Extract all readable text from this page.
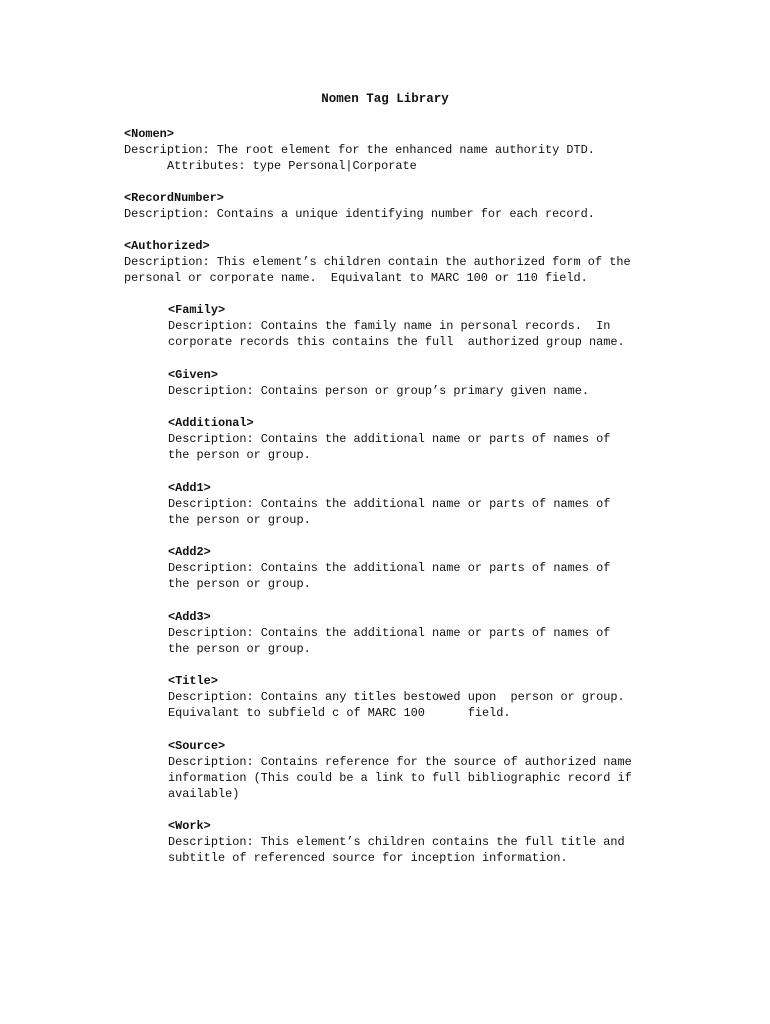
Nomen Tag Library
<Nomen>
Description: The root element for the enhanced name authority DTD.
Attributes: type Personal|Corporate
<RecordNumber>
Description: Contains a unique identifying number for each record.
<Authorized>
Description: This element’s children contain the authorized form of the
personal or corporate name.  Equivalant to MARC 100 or 110 field.
<Family>
Description: Contains the family name in personal records.  In
corporate records this contains the full  authorized group name.
<Given>
Description: Contains person or group’s primary given name.
<Additional>
Description: Contains the additional name or parts of names of
the person or group.
<Add1>
Description: Contains the additional name or parts of names of
the person or group.
<Add2>
Description: Contains the additional name or parts of names of
the person or group.
<Add3>
Description: Contains the additional name or parts of names of
the person or group.
<Title>
Description: Contains any titles bestowed upon  person or group.
Equivalant to subfield c of MARC 100      field.
<Source>
Description: Contains reference for the source of authorized name
information (This could be a link to full bibliographic record if
available)
<Work>
Description: This element’s children contains the full title and
subtitle of referenced source for inception information.
